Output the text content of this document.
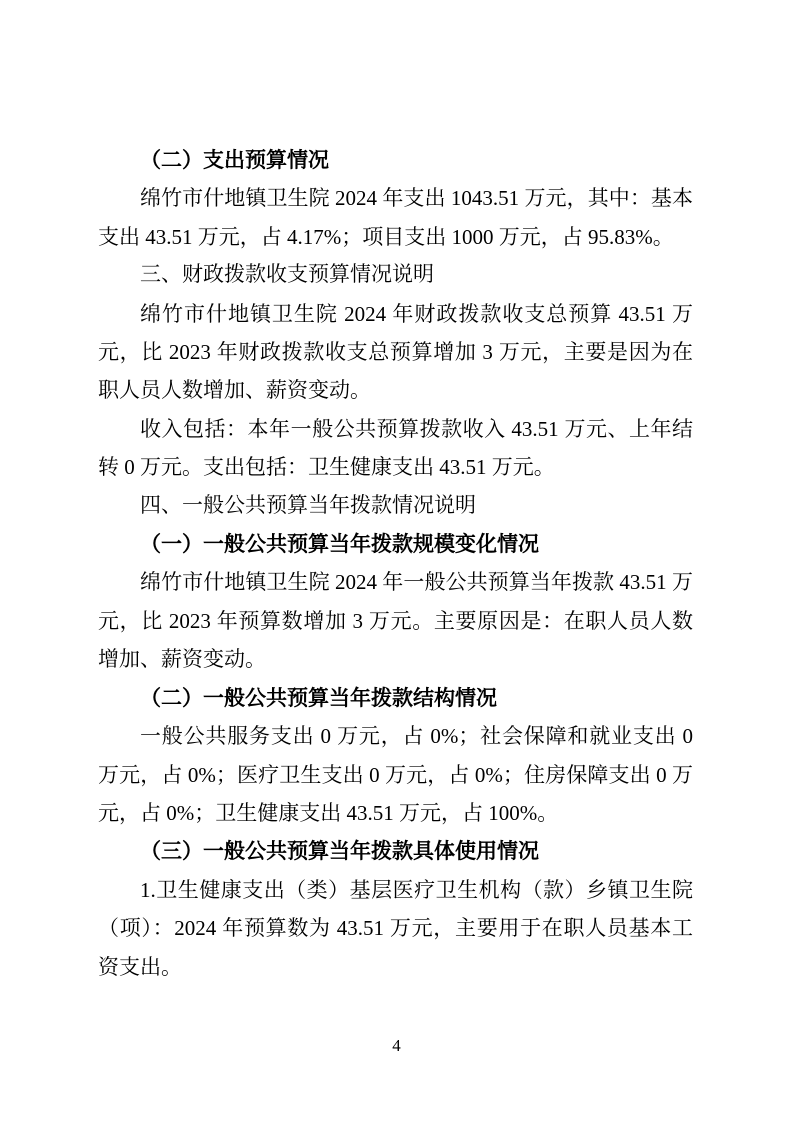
（二）支出预算情况

绵竹市什地镇卫生院 2024 年支出 1043.51 万元，其中：基本支出 43.51 万元，占 4.17%；项目支出 1000 万元，占 95.83%。

三、财政拨款收支预算情况说明

绵竹市什地镇卫生院 2024 年财政拨款收支总预算 43.51 万元，比 2023 年财政拨款收支总预算增加 3 万元，主要是因为在职人员人数增加、薪资变动。

收入包括：本年一般公共预算拨款收入 43.51 万元、上年结转 0 万元。支出包括：卫生健康支出 43.51 万元。

四、一般公共预算当年拨款情况说明

（一）一般公共预算当年拨款规模变化情况

绵竹市什地镇卫生院 2024 年一般公共预算当年拨款 43.51 万元，比 2023 年预算数增加 3 万元。主要原因是：在职人员人数增加、薪资变动。

（二）一般公共预算当年拨款结构情况

一般公共服务支出 0 万元，占 0%；社会保障和就业支出 0 万元，占 0%；医疗卫生支出 0 万元，占 0%；住房保障支出 0 万元，占 0%；卫生健康支出 43.51 万元，占 100%。

（三）一般公共预算当年拨款具体使用情况

1.卫生健康支出（类）基层医疗卫生机构（款）乡镇卫生院（项）：2024 年预算数为 43.51 万元，主要用于在职人员基本工资支出。

4
